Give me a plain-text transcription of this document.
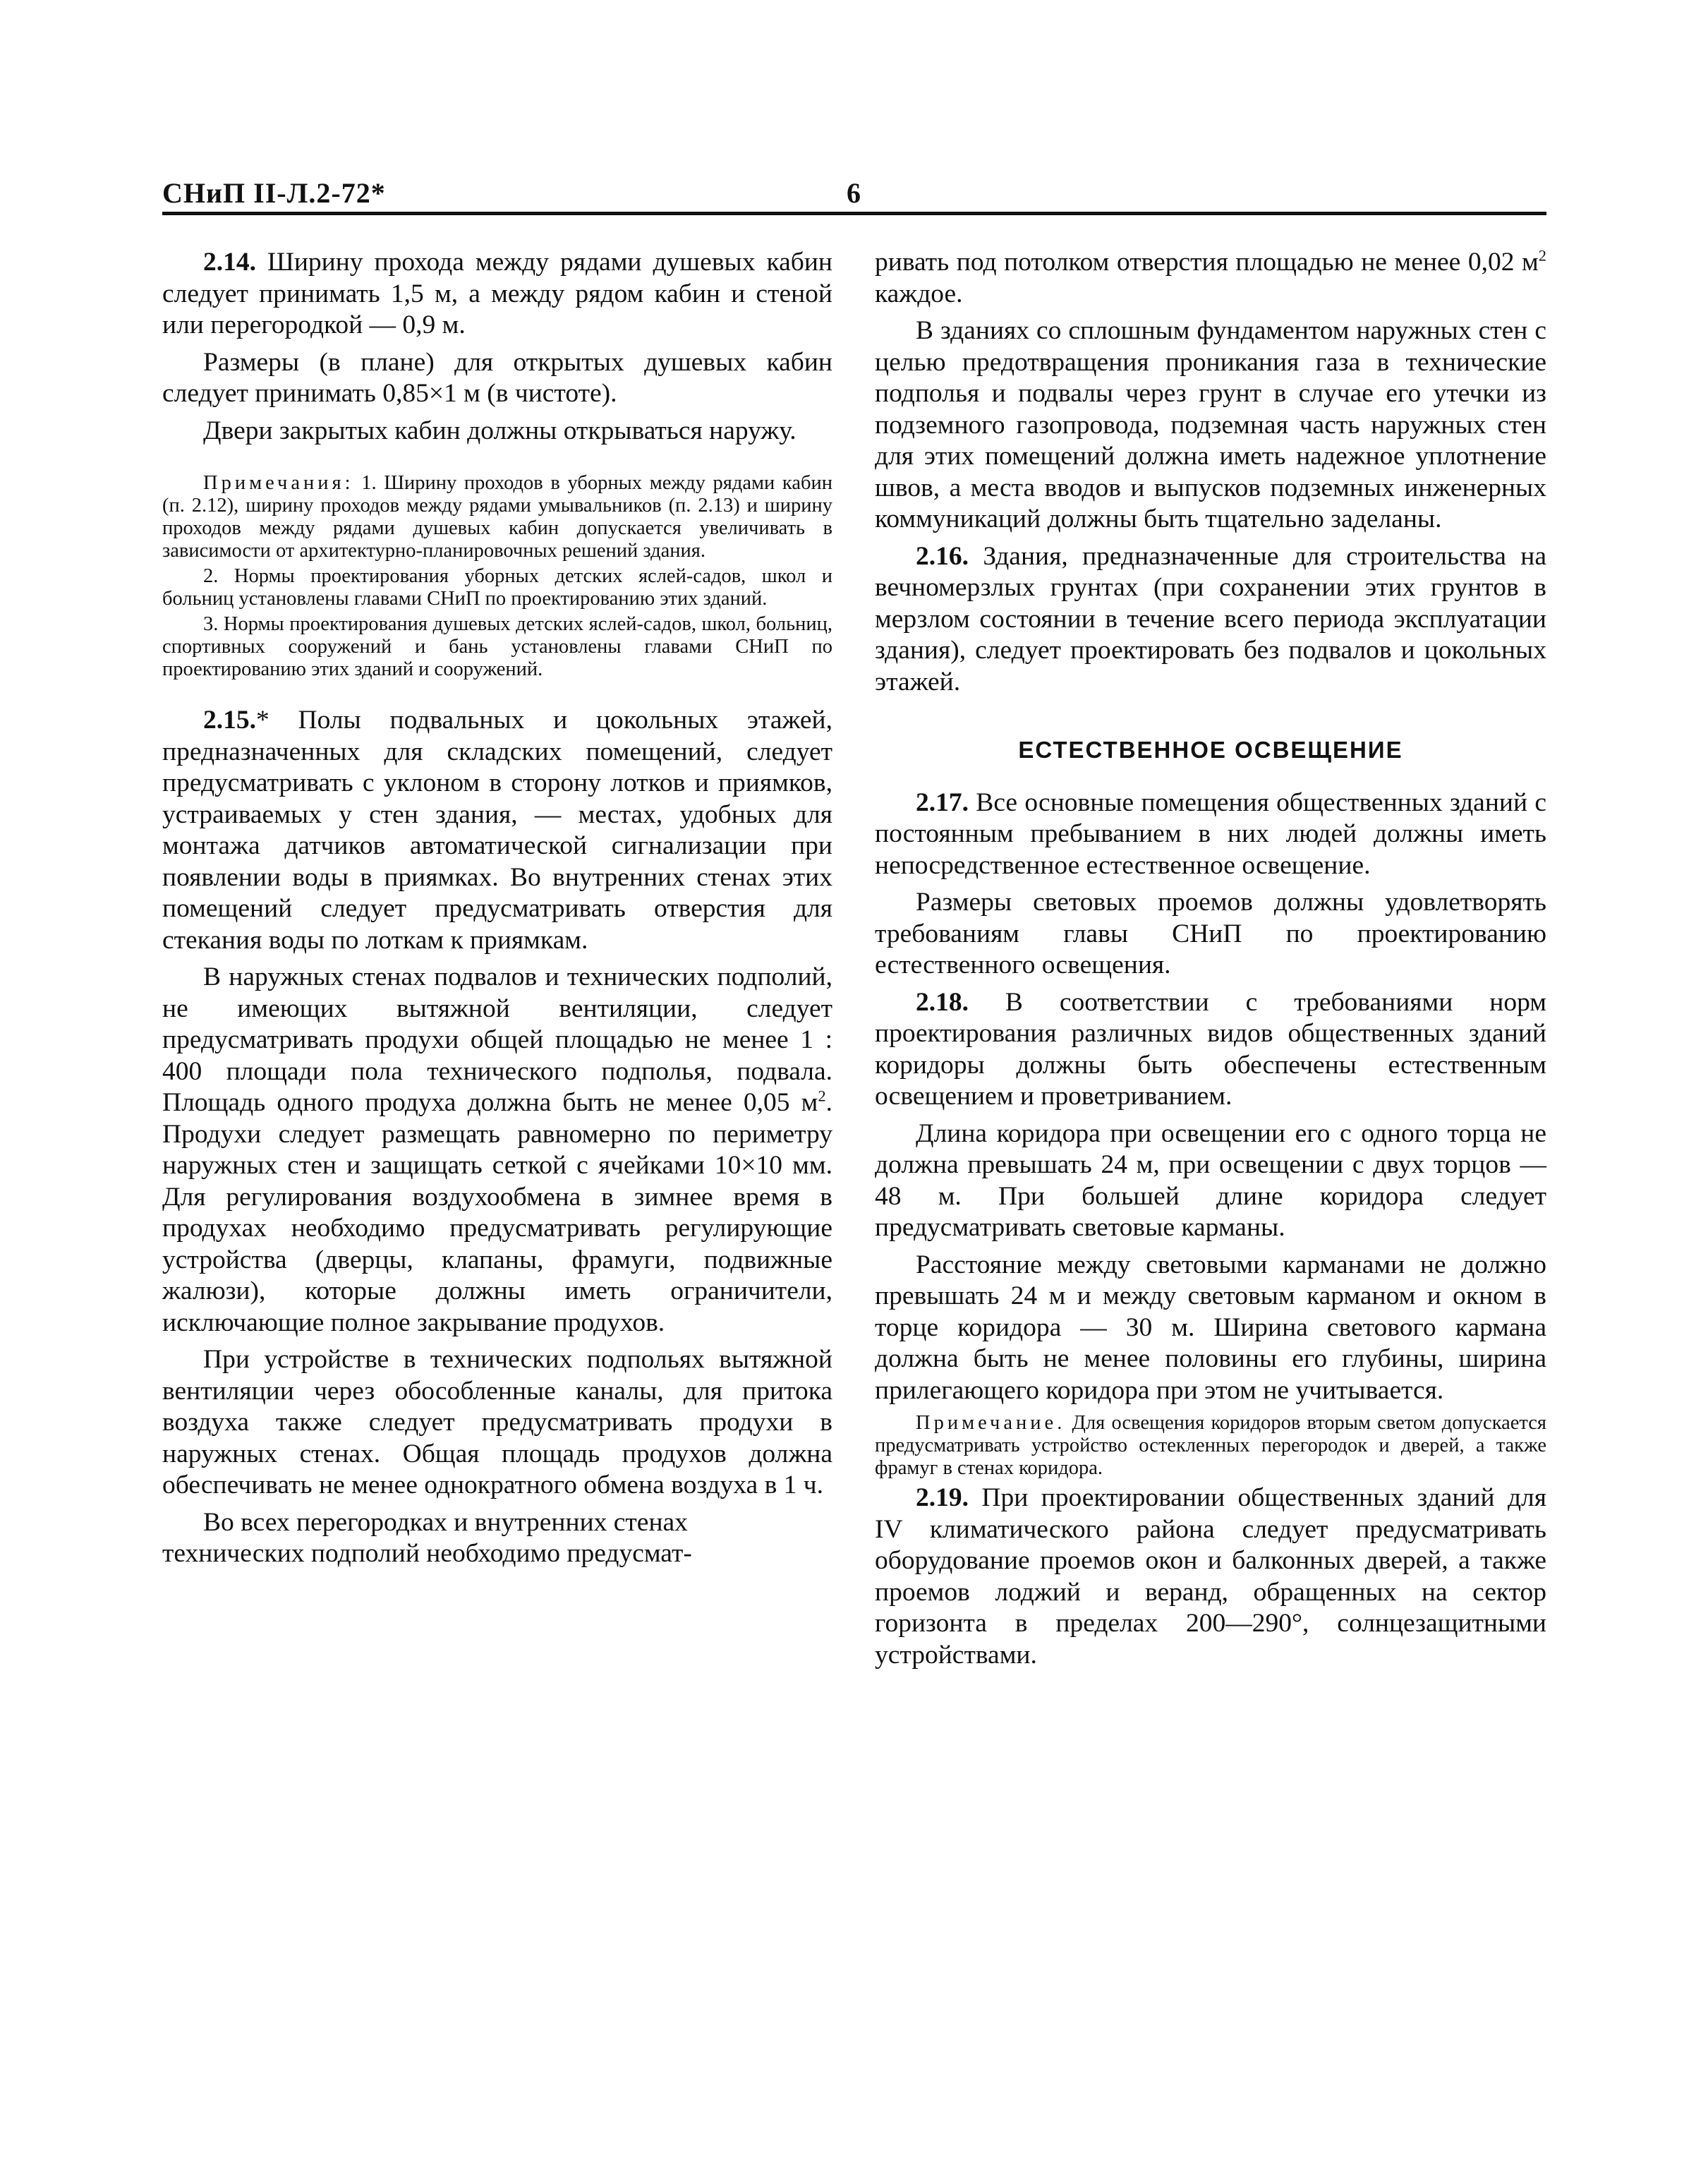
СНиП II-Л.2-72*	6

2.14. Ширину прохода между рядами душевых кабин следует принимать 1,5 м, а между рядом кабин и стеной или перегородкой — 0,9 м.

Размеры (в плане) для открытых душевых кабин следует принимать 0,85×1 м (в чистоте).

Двери закрытых кабин должны открываться наружу.

Примечания: 1. Ширину проходов в уборных между рядами кабин (п. 2.12), ширину проходов между рядами умывальников (п. 2.13) и ширину проходов между рядами душевых кабин допускается увеличивать в зависимости от архитектурно-планировочных решений здания.

2. Нормы проектирования уборных детских яслей-садов, школ и больниц установлены главами СНиП по проектированию этих зданий.

3. Нормы проектирования душевых детских яслей-садов, школ, больниц, спортивных сооружений и бань установлены главами СНиП по проектированию этих зданий и сооружений.

2.15.* Полы подвальных и цокольных этажей, предназначенных для складских помещений, следует предусматривать с уклоном в сторону лотков и приямков, устраиваемых у стен здания, — местах, удобных для монтажа датчиков автоматической сигнализации при появлении воды в приямках. Во внутренних стенах этих помещений следует предусматривать отверстия для стекания воды по лоткам к приямкам.

В наружных стенах подвалов и технических подполий, не имеющих вытяжной вентиляции, следует предусматривать продухи общей площадью не менее 1 : 400 площади пола технического подполья, подвала. Площадь одного продуха должна быть не менее 0,05 $м^2$. Продухи следует размещать равномерно по периметру наружных стен и защищать сеткой с ячейками 10×10 мм. Для регулирования воздухообмена в зимнее время в продухах необходимо предусматривать регулирующие устройства (дверцы, клапаны, фрамуги, подвижные жалюзи), которые должны иметь ограничители, исключающие полное закрывание продухов.

При устройстве в технических подпольях вытяжной вентиляции через обособленные каналы, для притока воздуха также следует предусматривать продухи в наружных стенах. Общая площадь продухов должна обеспечивать не менее однократного обмена воздуха в 1 ч.

Во всех перегородках и внутренних стенах технических подполий необходимо предусмат-

ривать под потолком отверстия площадью не менее 0,02 $м^2$ каждое.

В зданиях со сплошным фундаментом наружных стен с целью предотвращения проникания газа в технические подполья и подвалы через грунт в случае его утечки из подземного газопровода, подземная часть наружных стен для этих помещений должна иметь надежное уплотнение швов, а места вводов и выпусков подземных инженерных коммуникаций должны быть тщательно заделаны.

2.16. Здания, предназначенные для строительства на вечномерзлых грунтах (при сохранении этих грунтов в мерзлом состоянии в течение всего периода эксплуатации здания), следует проектировать без подвалов и цокольных этажей.

ЕСТЕСТВЕННОЕ ОСВЕЩЕНИЕ

2.17. Все основные помещения общественных зданий с постоянным пребыванием в них людей должны иметь непосредственное естественное освещение.

Размеры световых проемов должны удовлетворять требованиям главы СНиП по проектированию естественного освещения.

2.18. В соответствии с требованиями норм проектирования различных видов общественных зданий коридоры должны быть обеспечены естественным освещением и проветриванием.

Длина коридора при освещении его с одного торца не должна превышать 24 м, при освещении с двух торцов — 48 м. При большей длине коридора следует предусматривать световые карманы.

Расстояние между световыми карманами не должно превышать 24 м и между световым карманом и окном в торце коридора — 30 м. Ширина светового кармана должна быть не менее половины его глубины, ширина прилегающего коридора при этом не учитывается.

Примечание. Для освещения коридоров вторым светом допускается предусматривать устройство остекленных перегородок и дверей, а также фрамуг в стенах коридора.

2.19. При проектировании общественных зданий для IV климатического района следует предусматривать оборудование проемов окон и балконных дверей, а также проемов лоджий и веранд, обращенных на сектор горизонта в пределах 200—290°, солнцезащитными устройствами.
